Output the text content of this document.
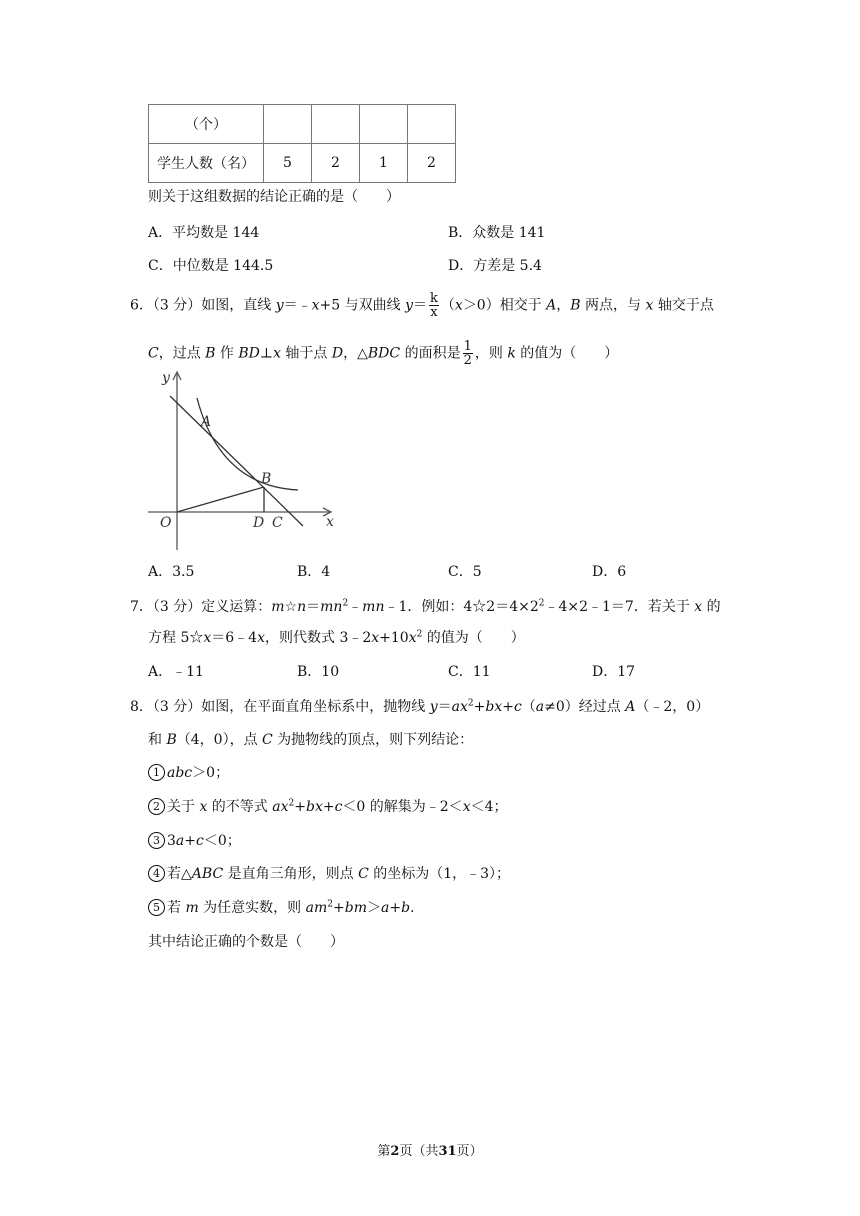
（个）				
学生人数（名）	5	2	1	2
则关于这组数据的结论正确的是（　　）
A．平均数是 144	B．众数是 141
C．中位数是 144.5	D．方差是 5.4
6．（3 分）如图，直线 y＝﹣x+5 与双曲线 $y= \frac{k}{x} (x>0)$相交于 A，B 两点，与 x 轴交于点
C，过点 B 作 BD⊥x 轴于点 D，△BDC 的面积是 $\frac{1}{2}$ ，则 k 的值为（　　）
y
x
O
A
B
D C
A．3.5	B．4	C．5	D．6
7．（3 分）定义运算：$m☆n=mn^2﹣mn﹣1$．例如：$4☆2=4\times 2^2﹣4\times 2﹣1=7$．若关于 x 的
方程 5☆x＝6﹣4x，则代数式 $3﹣2x+10x^2$ 的值为（　　）
A．﹣11	B．10	C．11	D．17
8．（3 分）如图，在平面直角坐标系中，抛物线 $y=ax^2+bx+c(a\ne 0)$经过点 A（﹣2，0）
和 B（4，0），点 C 为抛物线的顶点，则下列结论：
1 abc＞0；
2 关于 x 的不等式 $ax^2+bx+c<0$ 的解集为﹣2＜x＜4；
3 3a+c＜0；
4 若△ABC 是直角三角形，则点 C 的坐标为（1，﹣3）；
5 若 m 为任意实数，则 $am^2+bm>a+b$.
其中结论正确的个数是（　　）
第2页（共31页）
